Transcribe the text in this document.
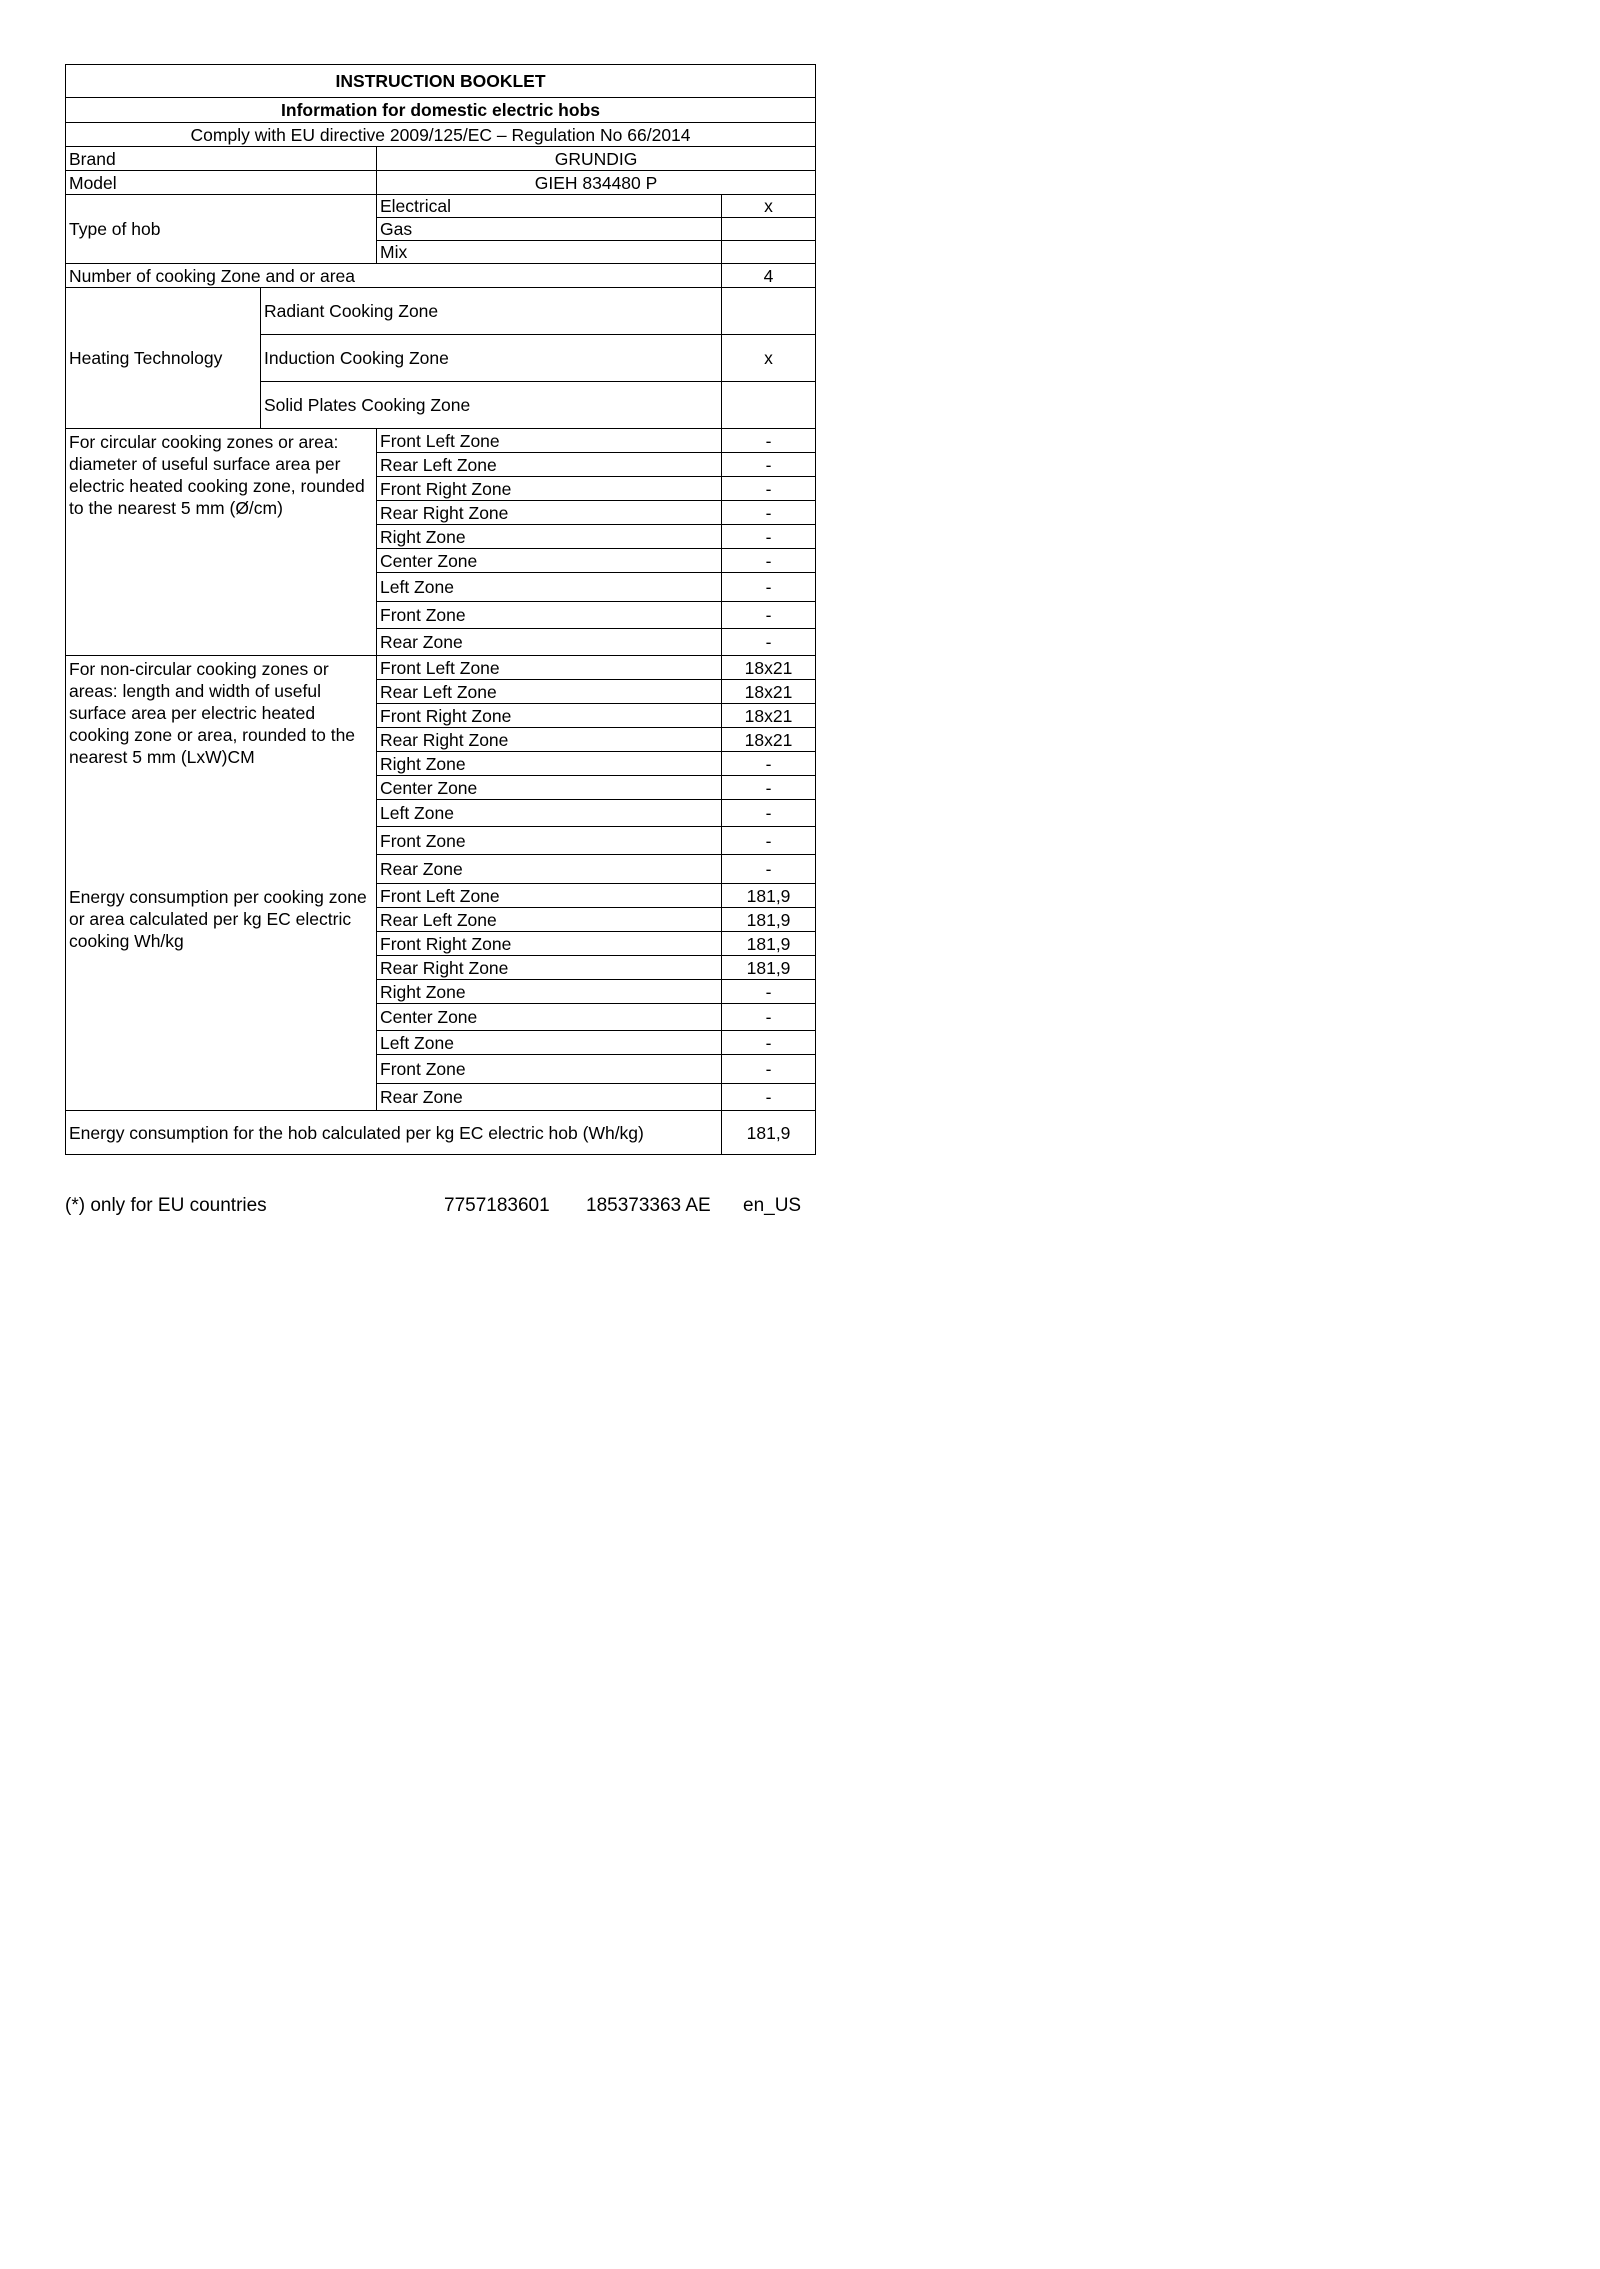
INSTRUCTION BOOKLET			
Information for domestic electric hobs			
Comply with EU directive 2009/125/EC – Regulation No 66/2014			
Brand		GRUNDIG	
Model		GIEH 834480 P	
Type of hob		Electrical	x
		Gas	
		Mix	
Number of cooking Zone and or area			4
Heating Technology	Radiant Cooking Zone		
	Induction Cooking Zone		x
	Solid Plates Cooking Zone		
For circular cooking zones or area: diameter of useful surface area per electric heated cooking zone, rounded to the nearest 5 mm (Ø/cm)		Front Left Zone	-
		Rear Left Zone	-
		Front Right Zone	-
		Rear Right Zone	-
		Right Zone	-
		Center Zone	-
		Left Zone	-
		Front Zone	-
		Rear Zone	-
For non-circular cooking zones or areas: length and width of useful surface area per electric heated cooking zone or area, rounded to the nearest 5 mm (LxW)CM		Front Left Zone	18x21
		Rear Left Zone	18x21
		Front Right Zone	18x21
		Rear Right Zone	18x21
		Right Zone	-
		Center Zone	-
		Left Zone	-
		Front Zone	-
		Rear Zone	-
Energy consumption per cooking zone or area calculated per kg EC electric cooking Wh/kg		Front Left Zone	181,9
		Rear Left Zone	181,9
		Front Right Zone	181,9
		Rear Right Zone	181,9
		Right Zone	-
		Center Zone	-
		Left Zone	-
		Front Zone	-
		Rear Zone	-
Energy consumption for the hob calculated per kg EC electric hob (Wh/kg)			181,9
(*) only for EU countries	7757183601 185373363 AE en_US
